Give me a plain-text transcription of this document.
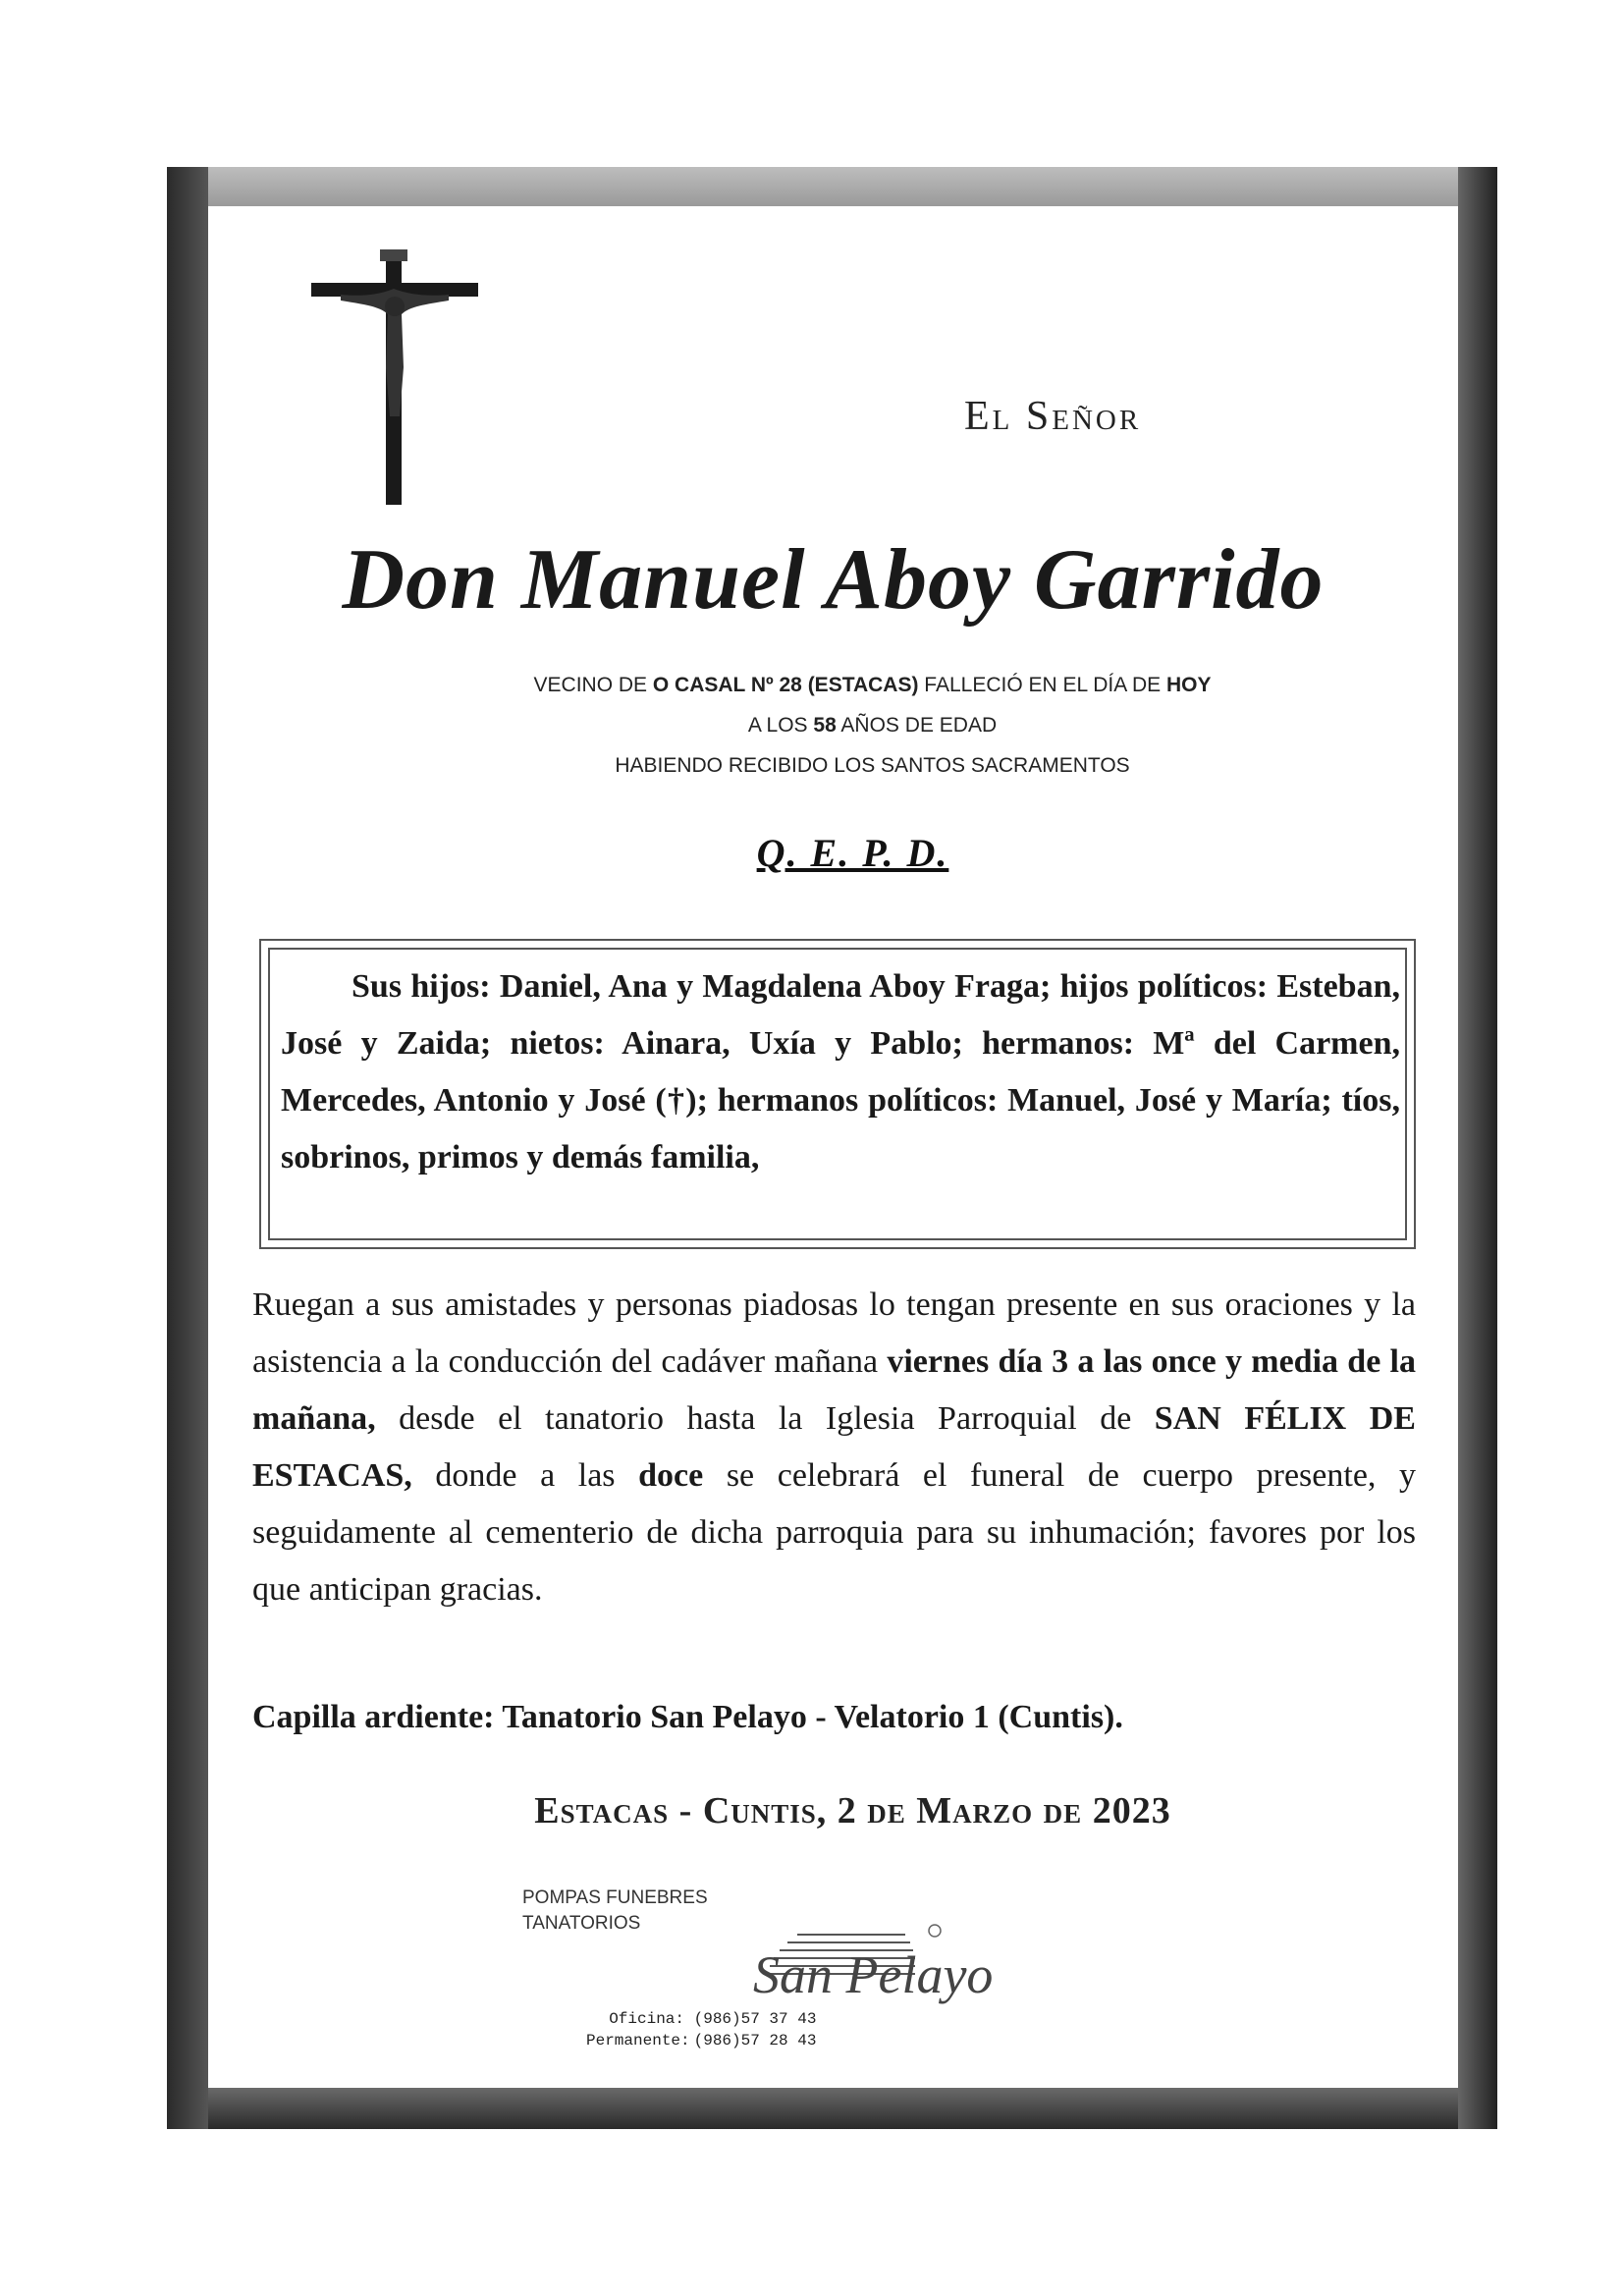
El Señor
Don Manuel Aboy Garrido
VECINO DE O CASAL Nº 28 (ESTACAS) FALLECIÓ EN EL DÍA DE HOY
A LOS 58 AÑOS DE EDAD
HABIENDO RECIBIDO LOS SANTOS SACRAMENTOS
Q. E. P. D.
Sus hijos: Daniel, Ana y Magdalena Aboy Fraga; hijos políticos: Esteban, José y Zaida; nietos: Ainara, Uxía y Pablo; hermanos: Mª del Carmen, Mercedes, Antonio y José (†); hermanos políticos: Manuel, José y María; tíos, sobrinos, primos y demás familia,
Ruegan a sus amistades y personas piadosas lo tengan presente en sus oraciones y la asistencia a la conducción del cadáver mañana viernes día 3 a las once y media de la mañana, desde el tanatorio hasta la Iglesia Parroquial de SAN FÉLIX DE ESTACAS, donde a las doce se celebrará el funeral de cuerpo presente, y seguidamente al cementerio de dicha parroquia para su inhumación; favores por los que anticipan gracias.
Capilla ardiente: Tanatorio San Pelayo - Velatorio 1 (Cuntis).
Estacas - Cuntis, 2 de Marzo de 2023
POMPAS FUNEBRES
TANATORIOS
San Pelayo
Oficina: (986)57 37 43
Permanente: (986)57 28 43
